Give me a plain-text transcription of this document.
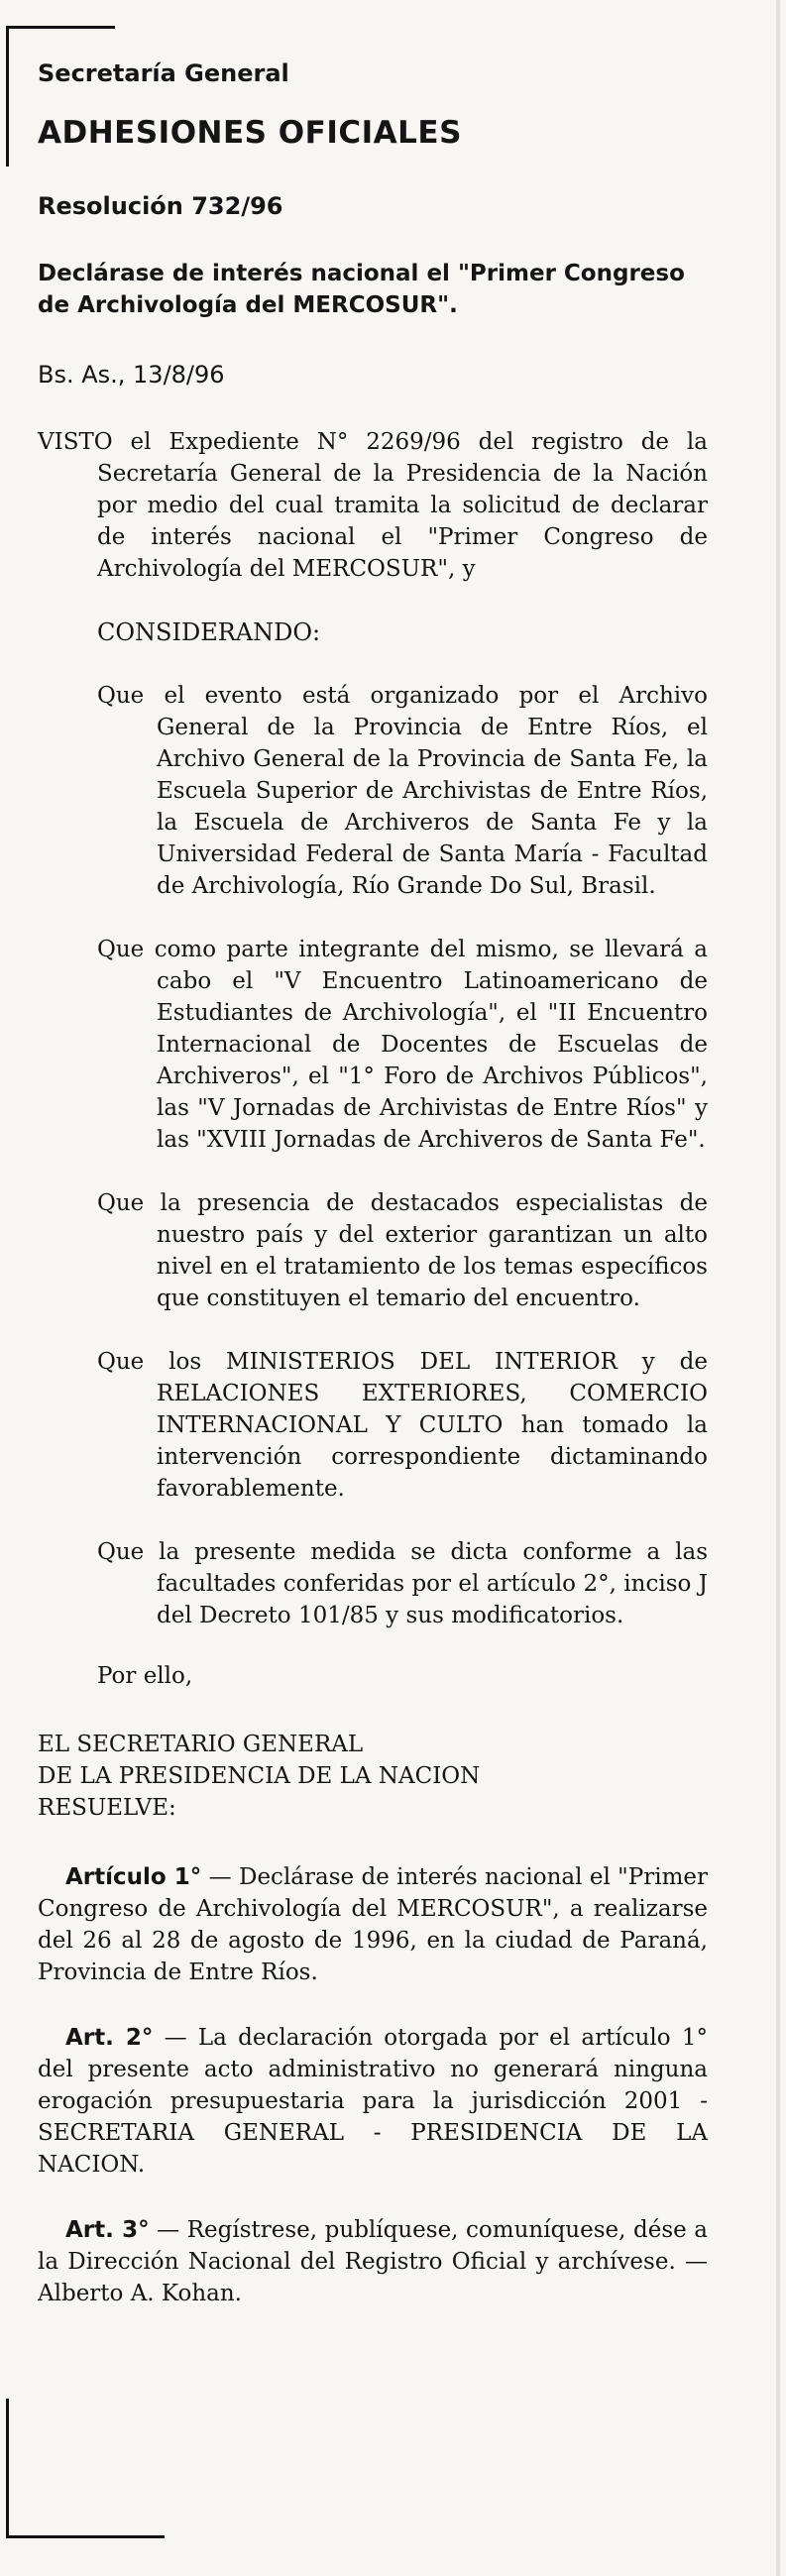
Secretaría General
ADHESIONES OFICIALES
Resolución 732/96
Declárase de interés nacional el "Primer Congreso de Archivología del MERCOSUR".
Bs. As., 13/8/96

VISTO el Expediente N° 2269/96 del registro de la Secretaría General de la Presidencia de la Nación por medio del cual tramita la solicitud de declarar de interés nacional el "Primer Congreso de Archivología del MERCOSUR", y

CONSIDERANDO:

Que el evento está organizado por el Archivo General de la Provincia de Entre Ríos, el Archivo General de la Provincia de Santa Fe, la Escuela Superior de Archivistas de Entre Ríos, la Escuela de Archiveros de Santa Fe y la Universidad Federal de Santa María - Facultad de Archivología, Río Grande Do Sul, Brasil.

Que como parte integrante del mismo, se llevará a cabo el "V Encuentro Latinoamericano de Estudiantes de Archivología", el "II Encuentro Internacional de Docentes de Escuelas de Archiveros", el "1° Foro de Archivos Públicos", las "V Jornadas de Archivistas de Entre Ríos" y las "XVIII Jornadas de Archiveros de Santa Fe".

Que la presencia de destacados especialistas de nuestro país y del exterior garantizan un alto nivel en el tratamiento de los temas específicos que constituyen el temario del encuentro.

Que los MINISTERIOS DEL INTERIOR y de RELACIONES EXTERIORES, COMERCIO INTERNACIONAL Y CULTO han tomado la intervención correspondiente dictaminando favorablemente.

Que la presente medida se dicta conforme a las facultades conferidas por el artículo 2°, inciso J del Decreto 101/85 y sus modificatorios.

Por ello,
EL SECRETARIO GENERAL
DE LA PRESIDENCIA DE LA NACION
RESUELVE:

Artículo 1° — Declárase de interés nacional el "Primer Congreso de Archivología del MERCOSUR", a realizarse del 26 al 28 de agosto de 1996, en la ciudad de Paraná, Provincia de Entre Ríos.

Art. 2° — La declaración otorgada por el artículo 1° del presente acto administrativo no generará ninguna erogación presupuestaria para la jurisdicción 2001 - SECRETARIA GENERAL - PRESIDENCIA DE LA NACION.

Art. 3° — Regístrese, publíquese, comuníquese, dése a la Dirección Nacional del Registro Oficial y archívese. — Alberto A. Kohan.
